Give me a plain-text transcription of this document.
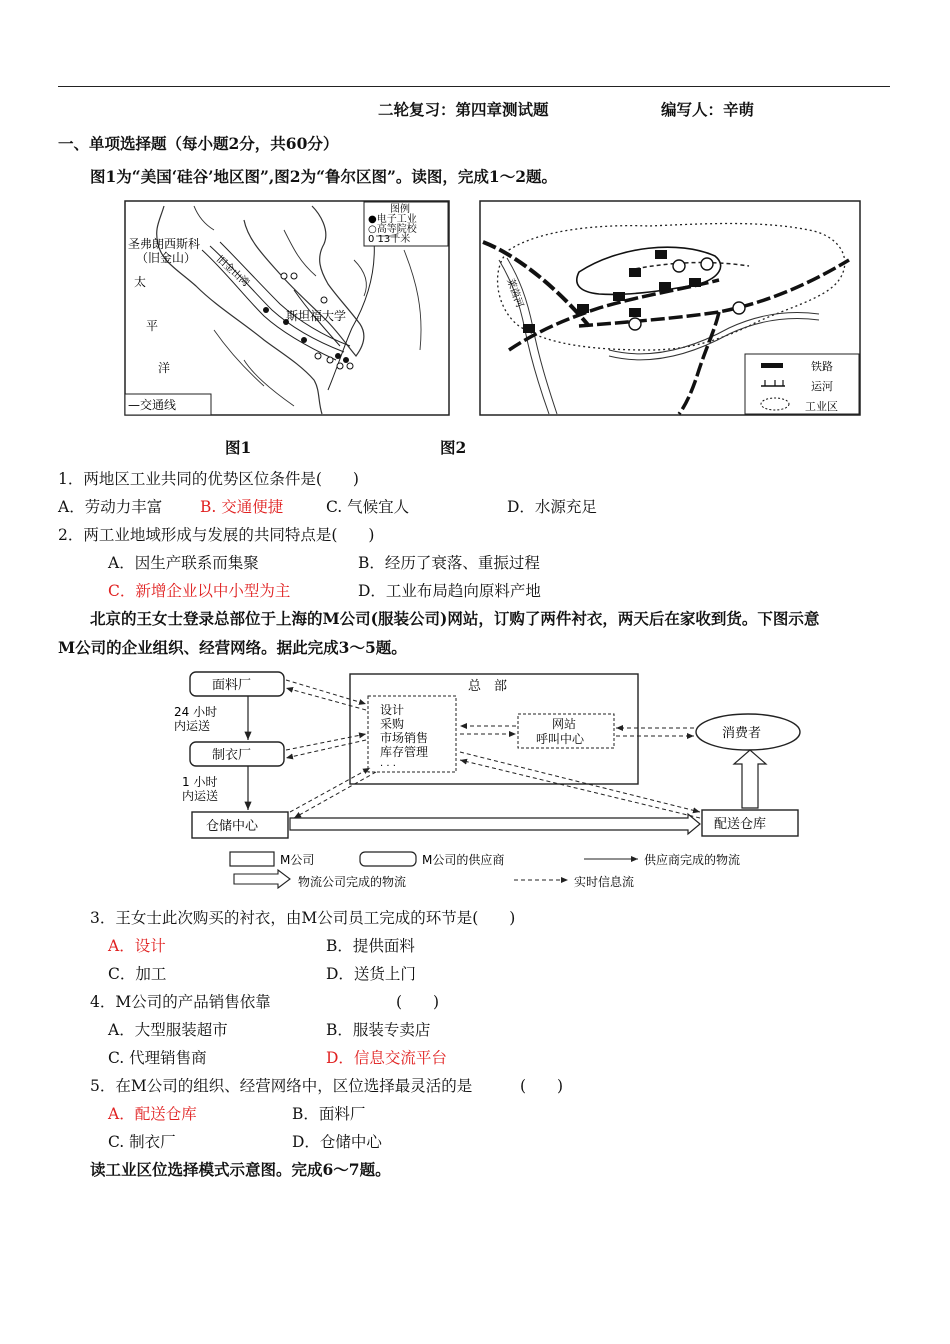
二轮复习：第四章测试题	编写人：辛萌
一、单项选择题（每小题2分，共60分）
图1为“美国‘硅谷’地区图”,图2为“鲁尔区图”。读图，完成1～2题。
图例
●电子工业
○高等院校
0 13千米
圣弗朗西斯科
（旧金山） 旧金山湾
斯坦福大学
太
平
洋
—交通线
莱茵河
铁路
运河
工业区
图1	图2
1．两地区工业共同的优势区位条件是(　　)
A．劳动力丰富 B. 交通便捷	C. 气候宜人	D．水源充足
2．两工业地域形成与发展的共同特点是(　　)
A．因生产联系而集聚	B．经历了衰落、重振过程
C．新增企业以中小型为主	D．工业布局趋向原料产地
北京的王女士登录总部位于上海的M公司(服装公司)网站，订购了两件衬衣，两天后在家收到货。下图示意
M公司的企业组织、经营网络。据此完成3～5题。
面料厂
24 小时
内运送
制衣厂
1 小时
内运送
仓储中心
总　部
设计
采购
市场销售
库存管理
· · ·
网站
呼叫中心	消费者
配送仓库
M公司	M公司的供应商	供应商完成的物流
物流公司完成的物流	实时信息流
3．王女士此次购买的衬衣，由M公司员工完成的环节是(　　)
A．设计	B．提供面料
C．加工	D．送货上门
4．M公司的产品销售依靠	(　　)
A．大型服装超市	B．服装专卖店
C. 代理销售商	D．信息交流平台
5．在M公司的组织、经营网络中，区位选择最灵活的是	(　　)
A．配送仓库	B．面料厂
C. 制衣厂	D．仓储中心
读工业区位选择模式示意图。完成6～7题。
